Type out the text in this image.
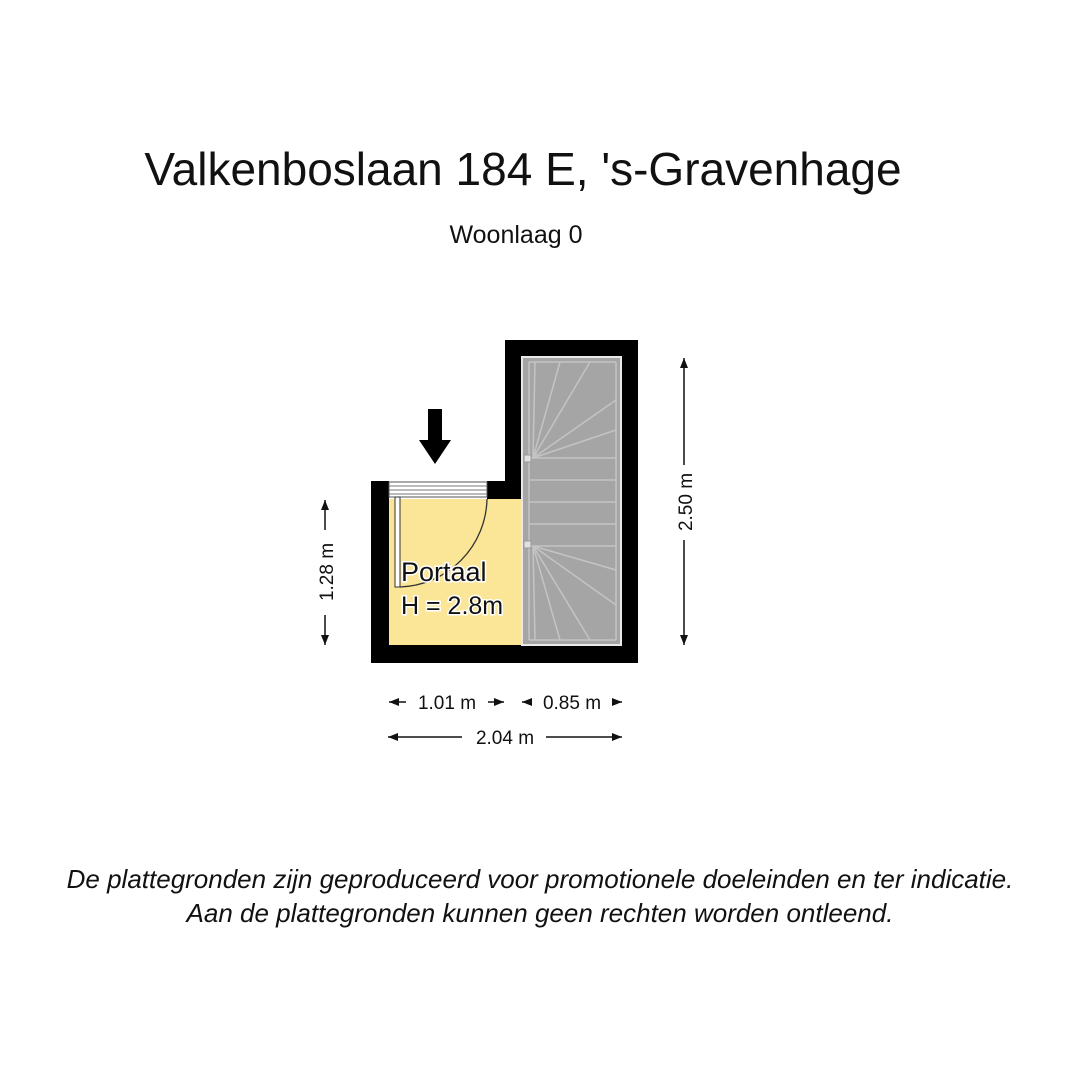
Valkenboslaan 184 E, 's-Gravenhage
Woonlaag 0
Portaal
H = 2.8m
1.28 m
2.50 m
1.01 m	0.85 m
2.04 m
De plattegronden zijn geproduceerd voor promotionele doeleinden en ter indicatie.
Aan de plattegronden kunnen geen rechten worden ontleend.
